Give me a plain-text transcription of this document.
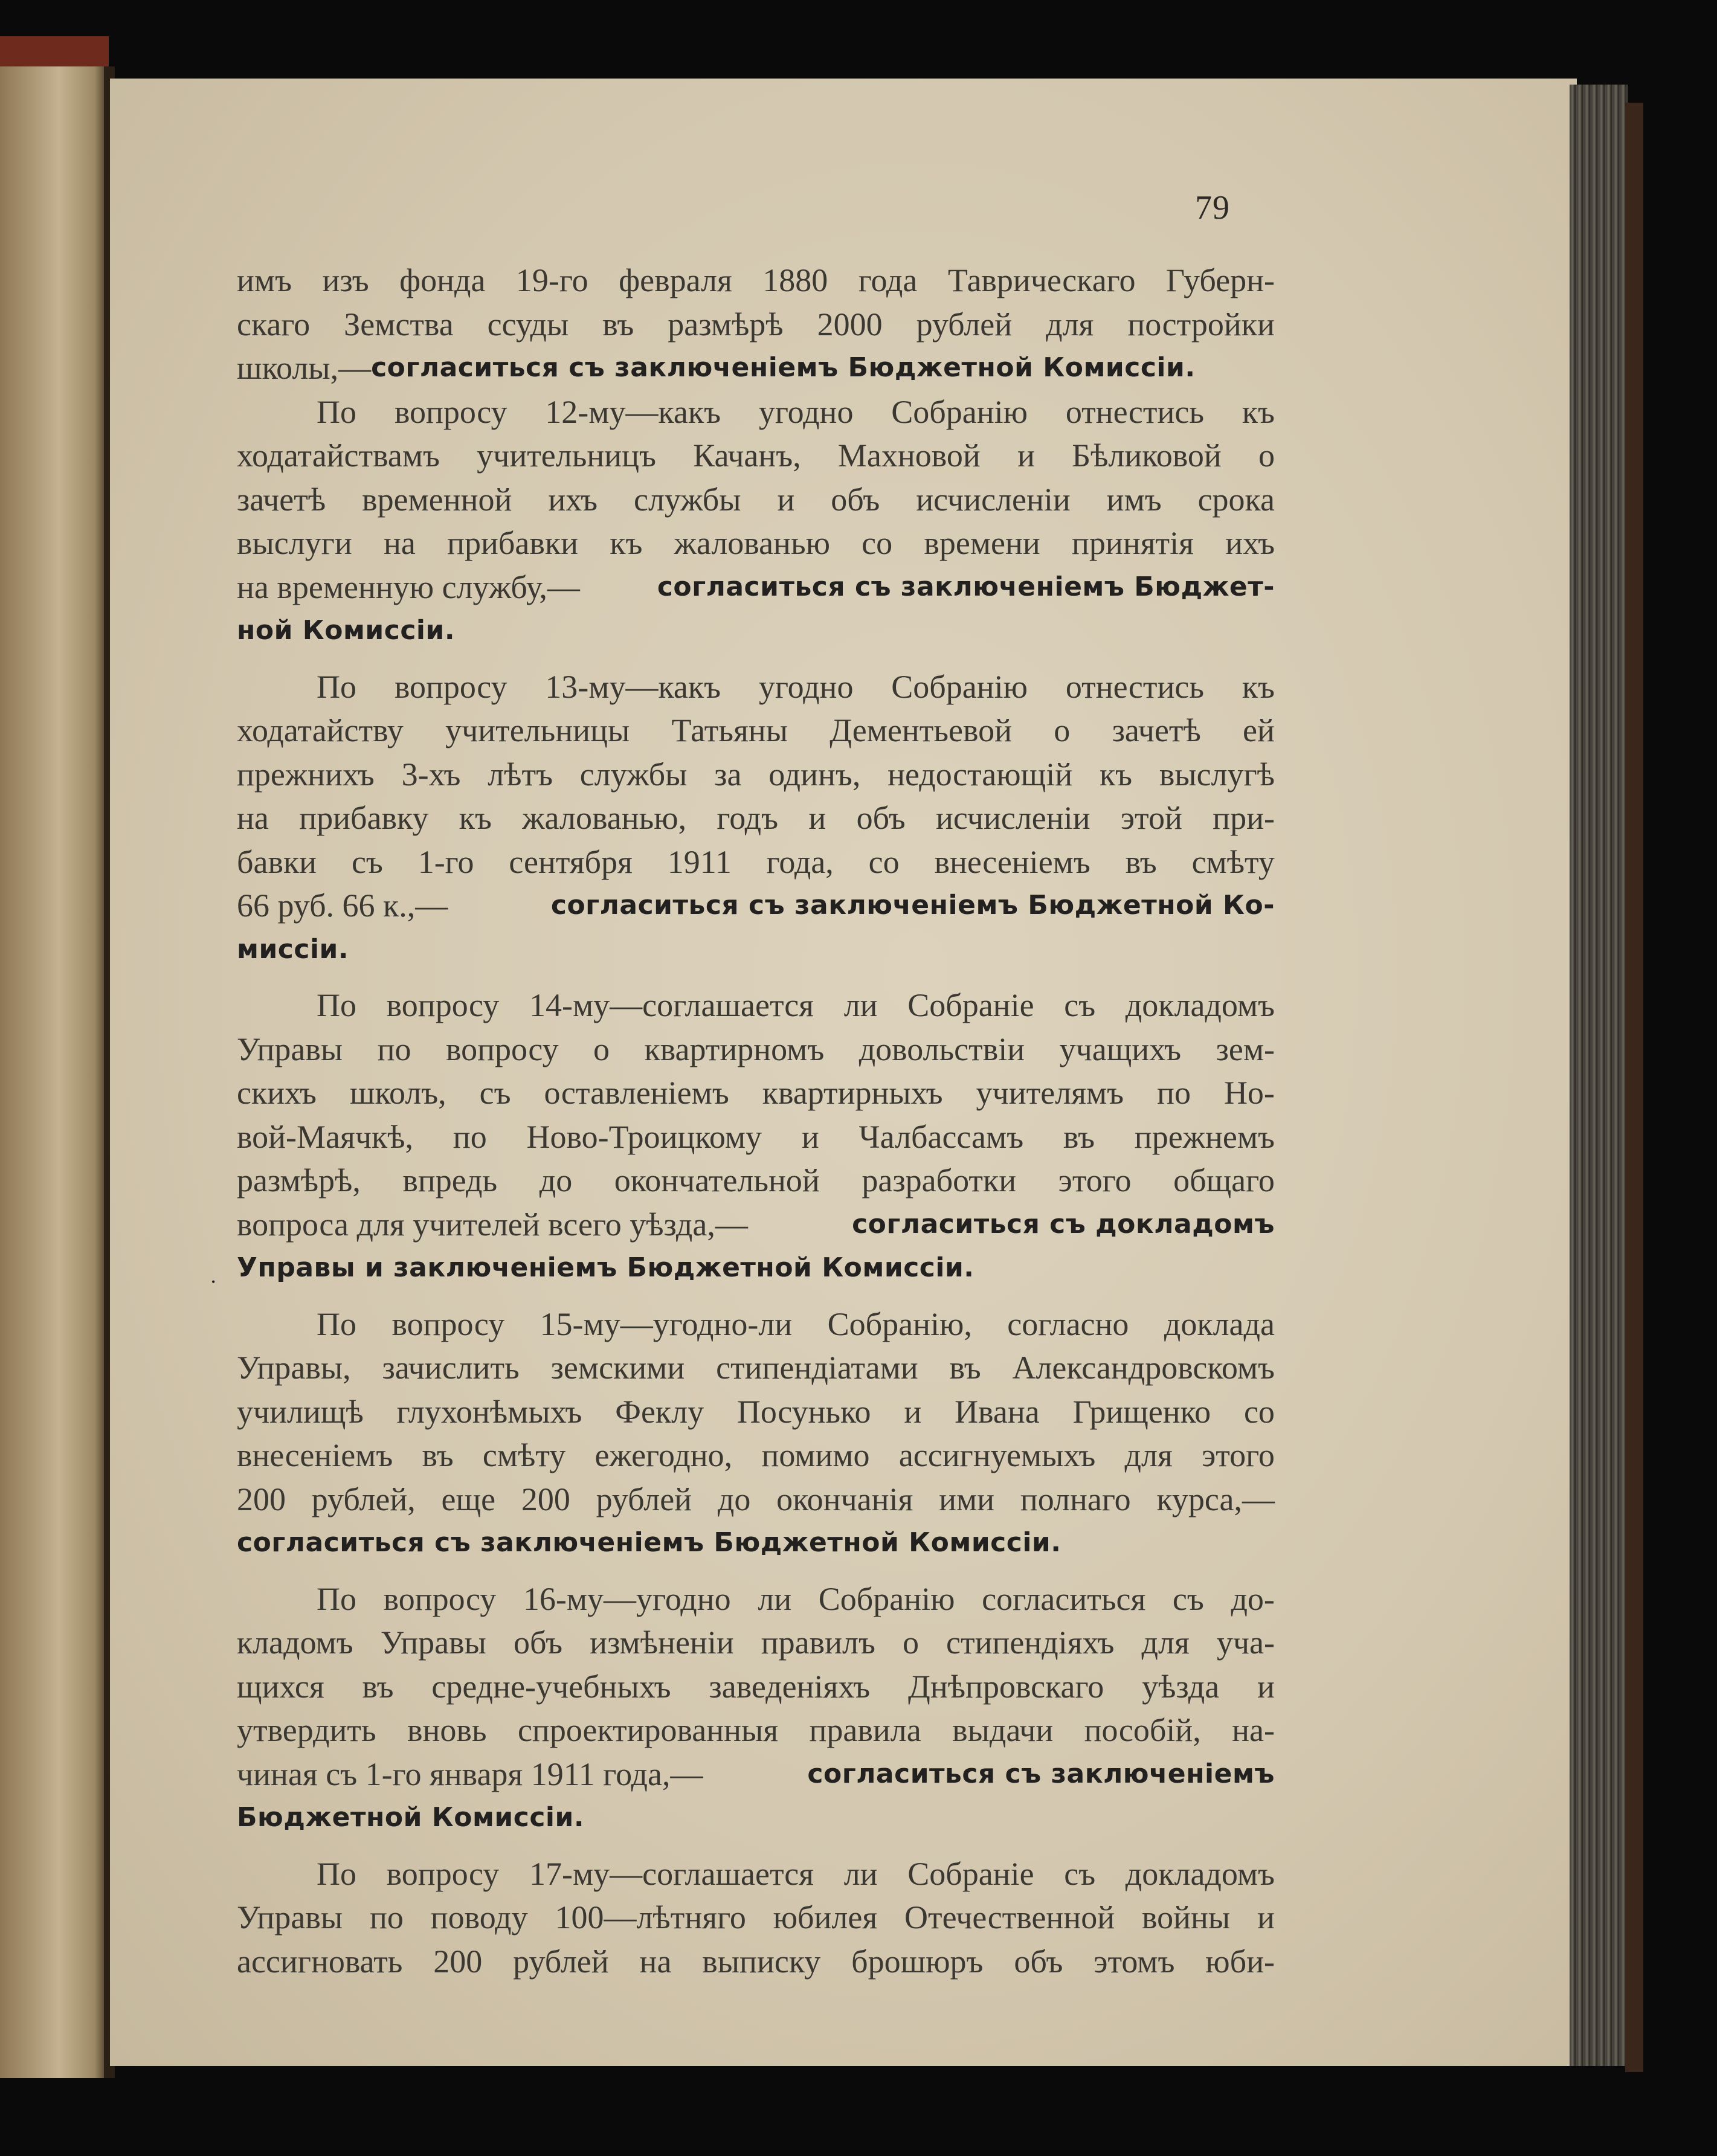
79
имъ изъ фонда 19-го февраля 1880 года Таврическаго Губерн-
скаго Земства ссуды въ размѣрѣ 2000 рублей для постройки
школы,— согласиться съ заключеніемъ Бюджетной Комиссіи.
По вопросу 12-му—какъ угодно Собранію отнестись къ
ходатайствамъ учительницъ Качанъ, Махновой и Бѣликовой о
зачетѣ временной ихъ службы и объ исчисленіи имъ срока
выслуги на прибавки къ жалованью со времени принятія ихъ
на временную службу,—	согласиться съ заключеніемъ Бюджет-
ной Комиссіи.
По вопросу 13-му—какъ угодно Собранію отнестись къ
ходатайству учительницы Татьяны Дементьевой о зачетѣ ей
прежнихъ 3-хъ лѣтъ службы за одинъ, недостающій къ выслугѣ
на прибавку къ жалованью, годъ и объ исчисленіи этой при-
бавки съ 1-го сентября 1911 года, со внесеніемъ въ смѣту
66 руб. 66 к.,—	согласиться съ заключеніемъ Бюджетной Ко-
миссіи.
По вопросу 14-му—соглашается ли Собраніе съ докладомъ
Управы по вопросу о квартирномъ довольствіи учащихъ зем-
скихъ школъ, съ оставленіемъ квартирныхъ учителямъ по Но-
вой-Маячкѣ, по Ново-Троицкому и Чалбассамъ въ прежнемъ
размѣрѣ, впредь до окончательной разработки этого общаго
вопроса для учителей всего уѣзда,—	согласиться съ докладомъ
Управы и заключеніемъ Бюджетной Комиссіи.
По вопросу 15-му—угодно-ли Собранію, согласно доклада
Управы, зачислить земскими стипендіатами въ Александровскомъ
училищѣ глухонѣмыхъ Феклу Посунько и Ивана Грищенко со
внесеніемъ въ смѣту ежегодно, помимо ассигнуемыхъ для этого
200 рублей, еще 200 рублей до окончанія ими полнаго курса,—
согласиться съ заключеніемъ Бюджетной Комиссіи.
По вопросу 16-му—угодно ли Собранію согласиться съ до-
кладомъ Управы объ измѣненіи правилъ о стипендіяхъ для уча-
щихся въ средне-учебныхъ заведеніяхъ Днѣпровскаго уѣзда и
утвердить вновь спроектированныя правила выдачи пособій, на-
чиная съ 1-го января 1911 года,—	согласиться съ заключеніемъ
Бюджетной Комиссіи.
По вопросу 17-му—соглашается ли Собраніе съ докладомъ
Управы по поводу 100—лѣтняго юбилея Отечественной войны и
ассигновать 200 рублей на выписку брошюръ объ этомъ юби-
•
